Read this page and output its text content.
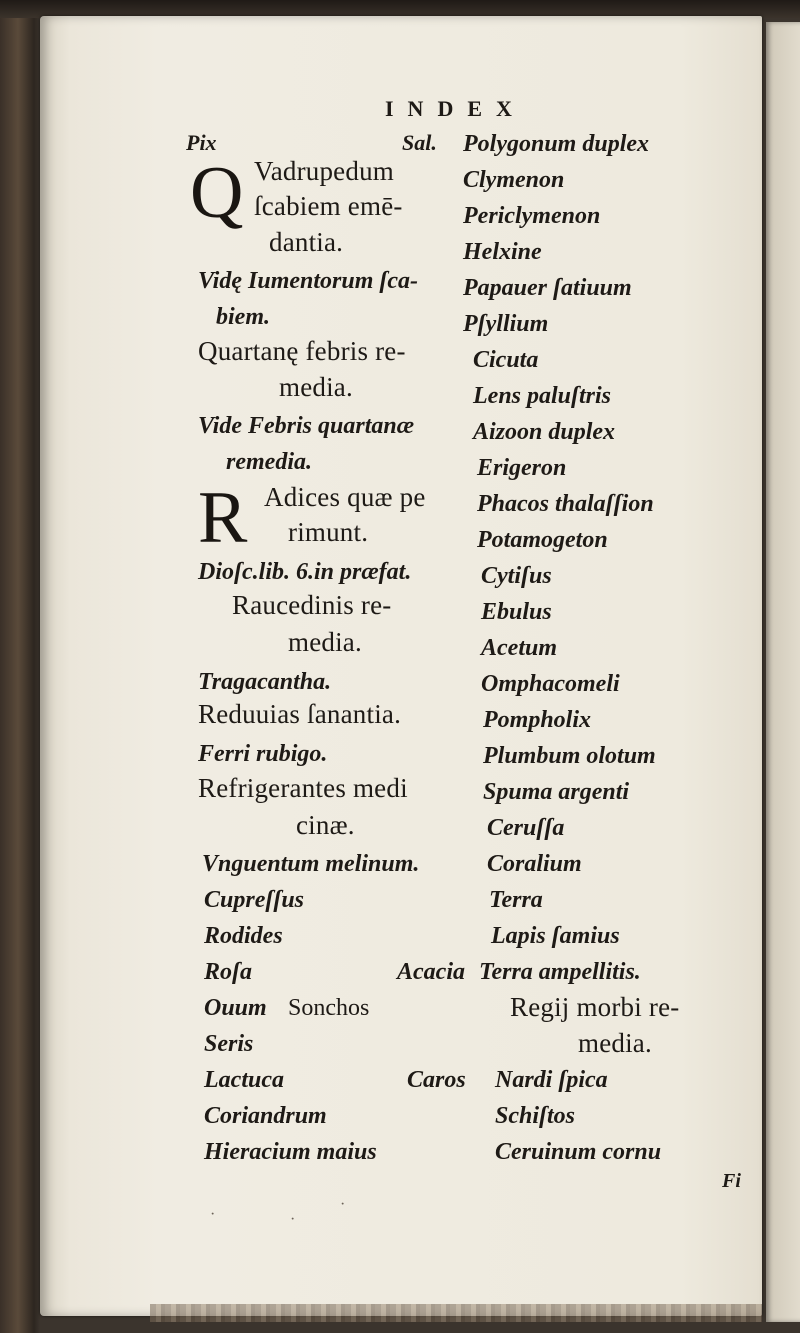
INDEX
Pix	Sal.
Q Vadrupedum
ſcabiem emē-
dantia.
Vidę Iumentorum ſca-
biem.
Quartanę febris re-
media.
Vide Febris quartanæ
remedia.
R Adices quæ pe
rimunt.
Dioſc.lib. 6.in præfat.
Raucedinis re-
media.
Tragacantha.
Reduuias ſanantia.
Ferri rubigo.
Refrigerantes medi
cinæ.
Vnguentum melinum.
Cupreſſus
Rodides
Roſa	Acacia
Ouum Sonchos
Seris
Lactuca	Caros
Coriandrum
Hieracium maius
Polygonum duplex
Clymenon
Periclymenon
Helxine
Papauer ſatiuum
Pſyllium
Cicuta
Lens paluſtris
Aizoon duplex
Erigeron
Phacos thalaſſion
Potamogeton
Cytiſus
Ebulus
Acetum
Omphacomeli
Pompholix
Plumbum olotum
Spuma argenti
Ceruſſa
Coralium
Terra
Lapis ſamius
Terra ampellitis.
Regij morbi re-
media.
Nardi ſpica
Schiſtos
Ceruinum cornu
Fi
·	·
·
